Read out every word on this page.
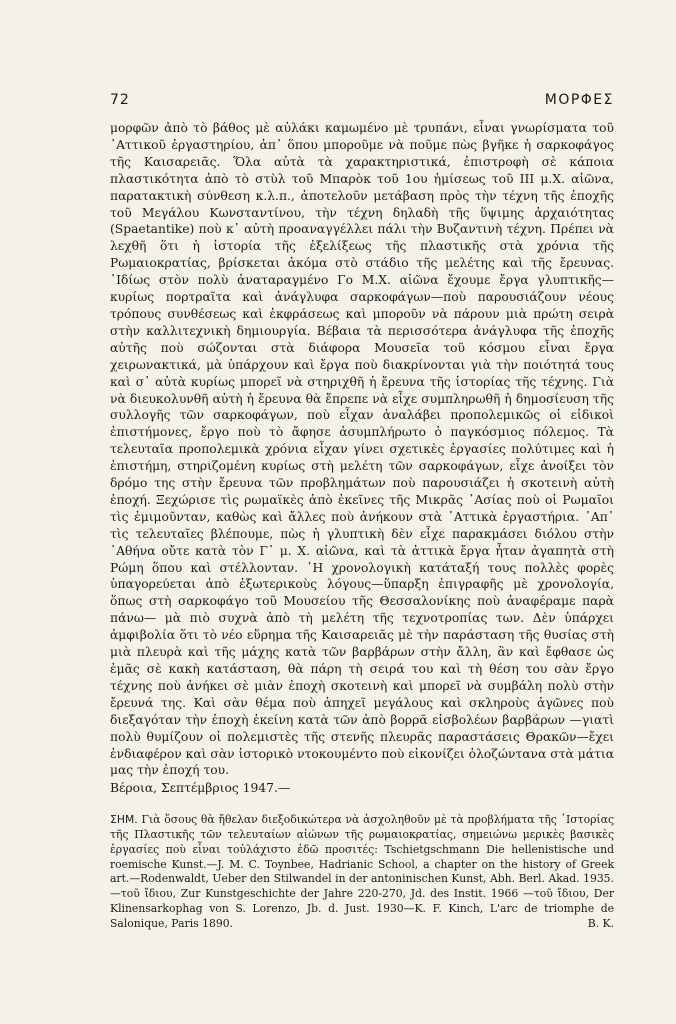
72	ΜΟΡΦΕΣ

μορφῶν ἀπὸ τὸ βάθος μὲ αὐλάκι καμωμένο μὲ τρυπάνι, εἶναι γνωρίσματα τοῦ ᾿Αττικοῦ ἐργαστηρίου, ἀπ᾿ ὅπου μποροῦμε νὰ ποῦμε πὼς βγῆκε ἡ σαρκοφάγος τῆς Καισαρειᾶς. Ὅλα αὐτὰ τὰ χαρακτηριστικά, ἐπιστροφὴ σὲ κάποια πλαστικότητα ἀπὸ τὸ στὺλ τοῦ Μπαρὸκ τοῦ 1ου ἡμίσεως τοῦ ΙΙΙ μ.Χ. αἰῶνα, παρατακτικὴ σύνθεση κ.λ.π., ἀποτελοῦν μετάβαση πρὸς τὴν τέχνη τῆς ἐποχῆς τοῦ Μεγάλου Κωνσταντίνου, τὴν τέχνη δηλαδὴ τῆς ὕψιμης ἀρχαιότητας (Spaetantike) ποὺ κ᾿ αὐτὴ προαναγγέλλει πάλι τὴν Βυζαντινὴ τέχνη. Πρέπει νὰ λεχθῆ ὅτι ἡ ἱστορία τῆς ἐξελίξεως τῆς πλαστικῆς στὰ χρόνια τῆς Ρωμαιοκρατίας, βρίσκεται ἀκόμα στὸ στάδιο τῆς μελέτης καὶ τῆς ἔρευνας. ᾿Ιδίως στὸν πολὺ ἀναταραγμένο Γο Μ.Χ. αἰῶνα ἔχουμε ἔργα γλυπτικῆς—κυρίως πορτραῖτα καὶ ἀνάγλυφα σαρκοφάγων—ποὺ παρουσιάζουν νέους τρόπους συνθέσεως καὶ ἐκφράσεως καὶ μποροῦν νὰ πάρουν μιὰ πρώτη σειρὰ στὴν καλλιτεχνικὴ δημιουργία. Βέβαια τὰ περισσότερα ἀνάγλυφα τῆς ἐποχῆς αὐτῆς ποὺ σώζονται στὰ διάφορα Μουσεῖα τοῦ κόσμου εἶναι ἔργα χειρωνακτικά, μὰ ὑπάρχουν καὶ ἔργα ποὺ διακρίνονται γιὰ τὴν ποιότητά τους καὶ σ᾿ αὐτὰ κυρίως μπορεῖ νὰ στηριχθῆ ἡ ἔρευνα τῆς ἱστορίας τῆς τέχνης. Γιὰ νὰ διευκολυνθῆ αὐτὴ ἡ ἔρευνα θὰ ἔπρεπε νὰ εἶχε συμπληρωθῆ ἡ δημοσίευση τῆς συλλογῆς τῶν σαρκοφάγων, ποὺ εἶχαν ἀναλάβει προπολεμικῶς οἱ εἰδικοὶ ἐπιστήμονες, ἔργο ποὺ τὸ ἄφησε ἀσυμπλήρωτο ὁ παγκόσμιος πόλεμος. Τὰ τελευταῖα προπολεμικὰ χρόνια εἶχαν γίνει σχετικὲς ἐργασίες πολύτιμες καὶ ἡ ἐπιστήμη, στηριζομένη κυρίως στὴ μελέτη τῶν σαρκοφάγων, εἶχε ἀνοίξει τὸν δρόμο της στὴν ἔρευνα τῶν προβλημάτων ποὺ παρουσιάζει ἡ σκοτεινὴ αὐτὴ ἐποχή. Ξεχώρισε τὶς ρωμαϊκὲς ἀπὸ ἐκεῖνες τῆς Μικρᾶς ᾿Ασίας ποὺ οἱ Ρωμαῖοι τὶς ἐμιμοῦνταν, καθὼς καὶ ἄλλες ποὺ ἀνήκουν στὰ ᾿Αττικὰ ἐργαστήρια. ᾿Απ᾿ τὶς τελευταῖες βλέπουμε, πὼς ἡ γλυπτικὴ δὲν εἶχε παρακμάσει διόλου στὴν ᾿Αθήνα οὔτε κατὰ τὸν Γ᾿ μ. Χ. αἰῶνα, καὶ τὰ ἀττικὰ ἔργα ἦταν ἀγαπητὰ στὴ Ρώμη ὅπου καὶ στέλλονταν. ῾Η χρονολογικὴ κατάταξή τους πολλὲς φορὲς ὑπαγορεύεται ἀπὸ ἐξωτερικοὺς λόγους—ὕπαρξη ἐπιγραφῆς μὲ χρονολογία, ὅπως στὴ σαρκοφάγο τοῦ Μουσείου τῆς Θεσσαλονίκης ποὺ ἀναφέραμε παρὰ πάνω— μὰ πιὸ συχνὰ ἀπὸ τὴ μελέτη τῆς τεχνοτροπίας των. Δὲν ὑπάρχει ἀμφιβολία ὅτι τὸ νέο εὕρημα τῆς Καισαρειᾶς μὲ τὴν παράσταση τῆς θυσίας στὴ μιὰ πλευρὰ καὶ τῆς μάχης κατὰ τῶν βαρβάρων στὴν ἄλλη, ἂν καὶ ἔφθασε ὡς ἐμᾶς σὲ κακὴ κατάσταση, θὰ πάρη τὴ σειρά του καὶ τὴ θέση του σὰν ἔργο τέχνης ποὺ ἀνήκει σὲ μιὰν ἐποχὴ σκοτεινὴ καὶ μπορεῖ νὰ συμβάλη πολὺ στὴν ἔρευνά της. Καὶ σὰν θέμα ποὺ ἀπηχεῖ μεγάλους καὶ σκληροὺς ἀγῶνες ποὺ διεξαγόταν τὴν ἐποχὴ ἐκείνη κατὰ τῶν ἀπὸ βορρᾶ εἰσβολέων βαρβάρων —γιατὶ πολὺ θυμίζουν οἱ πολεμιστὲς τῆς στενῆς πλευρᾶς παραστάσεις Θρακῶν—ἔχει ἐνδιαφέρον καὶ σὰν ἱστορικὸ ντοκουμέντο ποὺ εἰκονίζει ὁλοζώντανα στὰ μάτια μας τὴν ἐποχή του.

Βέροια, Σεπτέμβριος 1947.—
ΣΗΜ. Γιὰ ὅσους θὰ ἤθελαν διεξοδικώτερα νὰ ἀσχοληθοῦν μὲ τὰ προβλήματα τῆς ῾Ιστορίας τῆς Πλαστικῆς τῶν τελευταίων αἰώνων τῆς ρωμαιοκρατίας, σημειώνω μερικὲς βασικὲς ἐργασίες ποὺ εἶναι τοὐλάχιστο ἐδῶ προσιτές: Tschietgschmann Die hellenistische und roemische Kunst.—J. M. C. Toynbee, Hadrianic School, a chapter on the history of Greek art.—Rodenwaldt, Ueber den Stilwandel in der antoninischen Kunst, Abh. Berl. Akad. 1935.—τοῦ ἴδιου, Zur Kunstgeschichte der Jahre 220-270, Jd. des Instit. 1966 —τοῦ ἴδιου, Der Klinensarkophag von S. Lorenzo, Jb. d. Just. 1930—K. F. Kinch, L'arc de triomphe de Salonique, Paris 1890.	Β. Κ.
